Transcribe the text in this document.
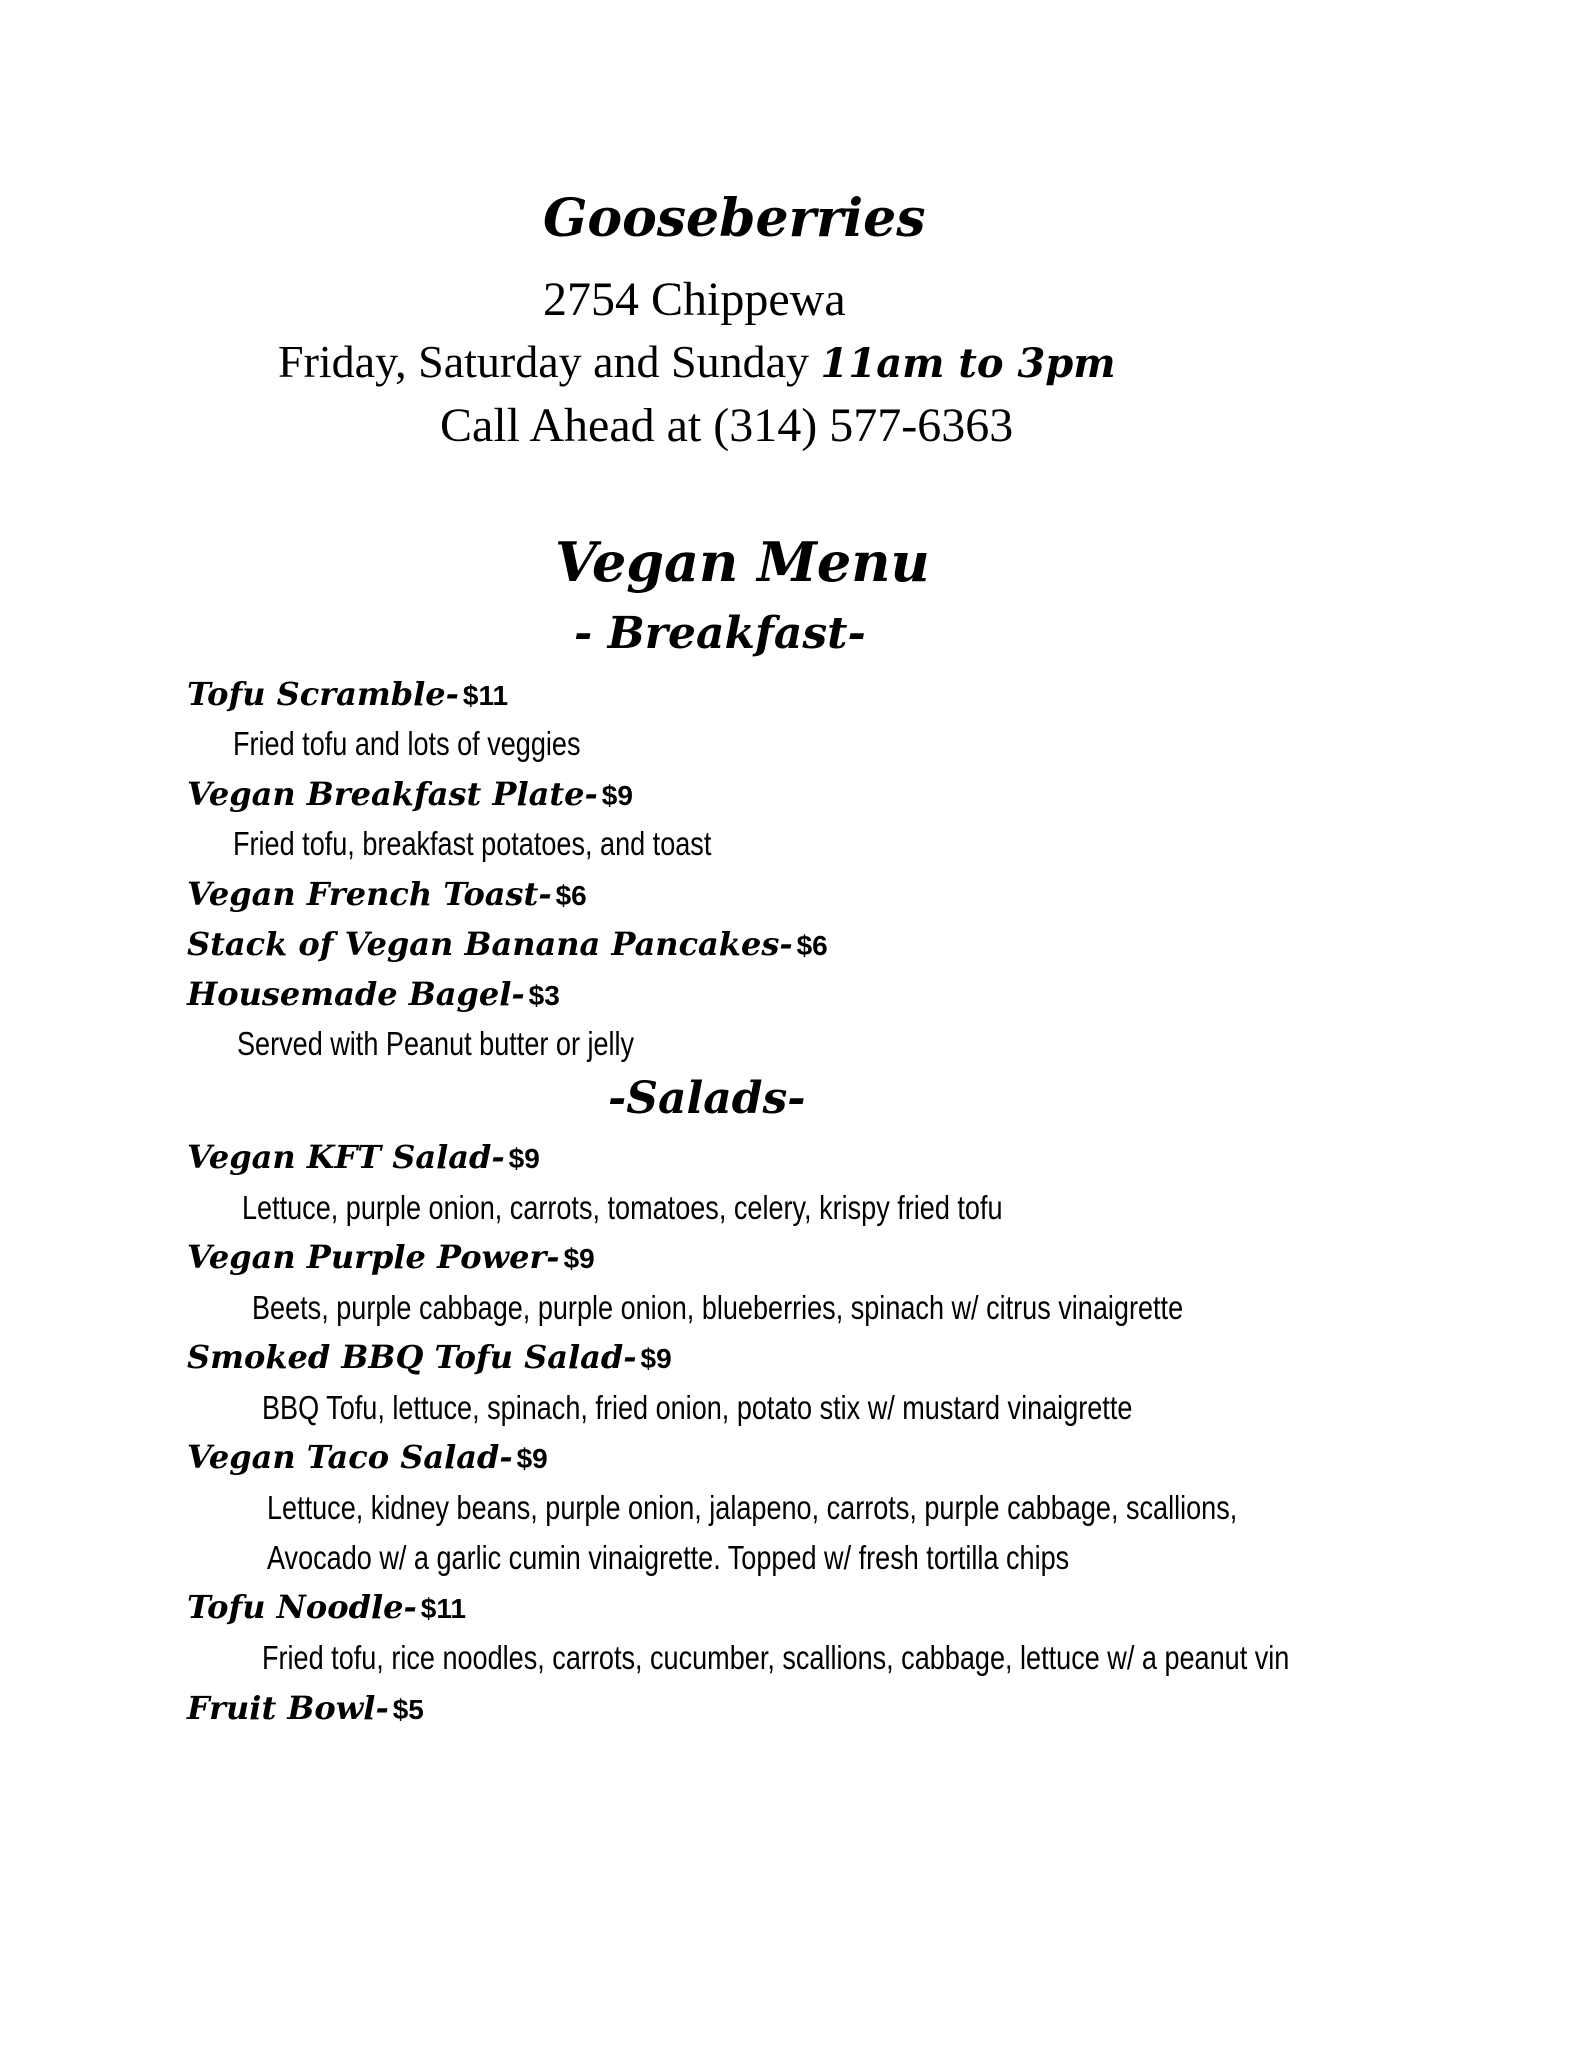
Gooseberries
2754 Chippewa
Friday, Saturday and Sunday 11am to 3pm
Call Ahead at (314) 577-6363
Vegan Menu
- Breakfast-
Tofu Scramble- $11
Fried tofu and lots of veggies
Vegan Breakfast Plate- $9
Fried tofu, breakfast potatoes, and toast
Vegan French Toast- $6
Stack of Vegan Banana Pancakes- $6
Housemade Bagel- $3
Served with Peanut butter or jelly
-Salads-
Vegan KFT Salad- $9
Lettuce, purple onion, carrots, tomatoes, celery, krispy fried tofu
Vegan Purple Power- $9
Beets, purple cabbage, purple onion, blueberries, spinach w/ citrus vinaigrette
Smoked BBQ Tofu Salad- $9
BBQ Tofu, lettuce, spinach, fried onion, potato stix w/ mustard vinaigrette
Vegan Taco Salad- $9
Lettuce, kidney beans, purple onion, jalapeno, carrots, purple cabbage, scallions,
Avocado w/ a garlic cumin vinaigrette. Topped w/ fresh tortilla chips
Tofu Noodle- $11
Fried tofu, rice noodles, carrots, cucumber, scallions, cabbage, lettuce w/ a peanut vin
Fruit Bowl- $5
